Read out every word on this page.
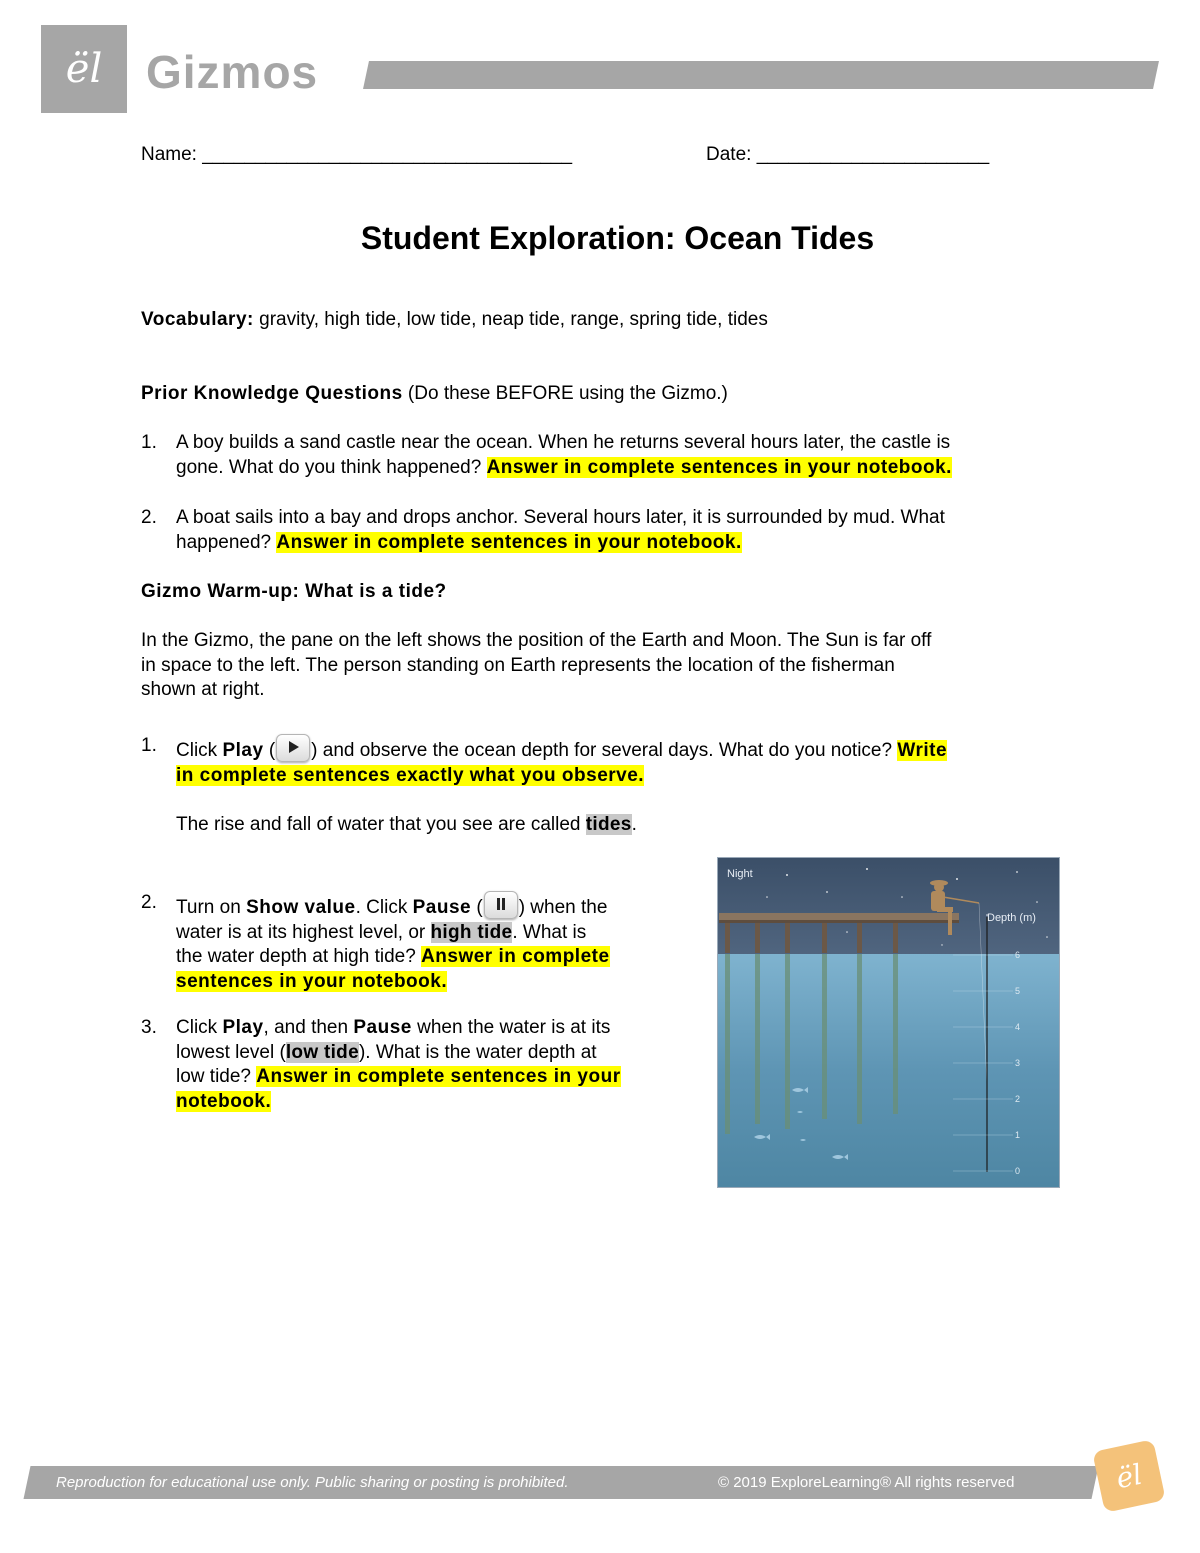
ël Gizmos
Name: ___________________________________	Date: ______________________
Student Exploration: Ocean Tides
Vocabulary: gravity, high tide, low tide, neap tide, range, spring tide, tides
Prior Knowledge Questions (Do these BEFORE using the Gizmo.)
1.	A boy builds a sand castle near the ocean. When he returns several hours later, the castle is
gone. What do you think happened? Answer in complete sentences in your notebook.
2.	A boat sails into a bay and drops anchor. Several hours later, it is surrounded by mud. What
happened? Answer in complete sentences in your notebook.
Gizmo Warm-up: What is a tide?
In the Gizmo, the pane on the left shows the position of the Earth and Moon. The Sun is far off
in space to the left. The person standing on Earth represents the location of the fisherman
shown at right.
1.	Click Play ( ) and observe the ocean depth for several days. What do you notice? Write
in complete sentences exactly what you observe.
The rise and fall of water that you see are called tides.
2.	Turn on Show value. Click Pause ( ) when the
water is at its highest level, or high tide. What is
the water depth at high tide? Answer in complete
sentences in your notebook.
3.	Click Play, and then Pause when the water is at its
lowest level (low tide). What is the water depth at
low tide? Answer in complete sentences in your
notebook.
Night
Depth (m)
6
5
4
3
2
1
0
Reproduction for educational use only. Public sharing or posting is prohibited.	© 2019 ExploreLearning® All rights reserved	ël
